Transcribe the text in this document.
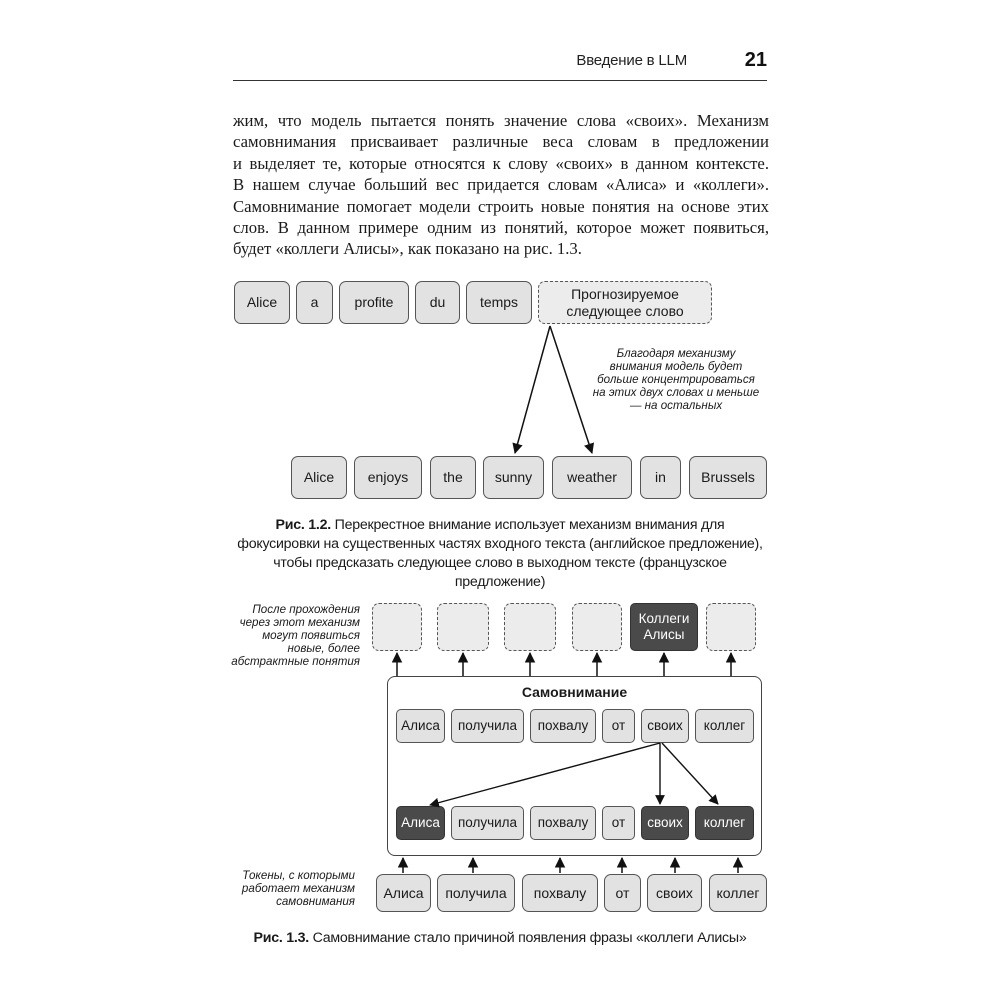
Введение в LLM	21
жим, что модель пытается понять значение слова «своих». Механизм
самовнимания присваивает различные веса словам в предложении
и выделяет те, которые относятся к слову «своих» в данном контексте.
В нашем случае больший вес придается словам «Алиса» и «коллеги».
Самовнимание помогает модели строить новые понятия на основе этих
слов. В данном примере одним из понятий, которое может появиться,
будет «коллеги Алисы», как показано на рис. 1.3.
Alice	a	profite	du	temps
Прогнозируемое следующее слово
Благодаря механизму внимания модель будет больше концентрироваться на этих двух словах и меньше — на остальных
Alice	enjoys	the	sunny	weather	in	Brussels
Рис. 1.2. Перекрестное внимание использует механизм внимания для фокусировки на существенных частях входного текста (английское предложение), чтобы предсказать следующее слово в выходном тексте (французское предложение)
После прохождения через этот механизм могут появиться новые, более абстрактные понятия
Коллеги Алисы
Самовнимание
Алиса	получила	похвалу	от	своих	коллег
Алиса	получила	похвалу	от	своих	коллег
Токены, с которыми работает механизм самовнимания
Алиса	получила	похвалу	от	своих	коллег
Рис. 1.3. Самовнимание стало причиной появления фразы «коллеги Алисы»
